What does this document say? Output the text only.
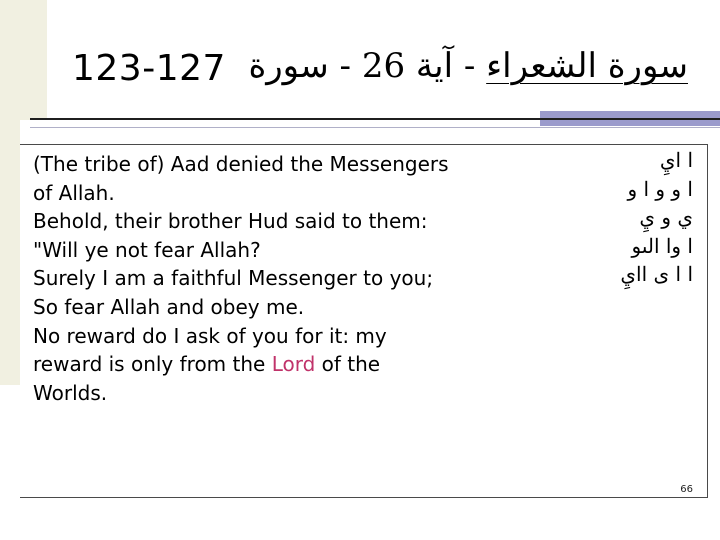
123-127	سورة الشعراء - آية 26 - سورة
(The tribe of) Aad denied the Messengers
of Allah.
Behold, their brother Hud said to them:
"Will ye not fear Allah?
Surely I am a faithful Messenger to you;
So fear Allah and obey me.
No reward do I ask of you for it: my
reward is only from the Lord of the
Worlds.
ا ايِ
ا و و ا و
ي و يِ
ا وا الىو
ا ا ى اايِ
66
